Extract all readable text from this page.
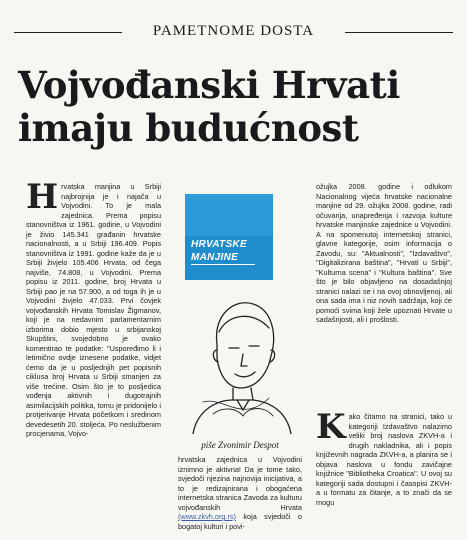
PAMETNOME DOSTA
Vojvođanski Hrvati imaju budućnost

Hrvatska manjina u Srbiji najbrojnija je i najača u Vojvodini. To je mala zajednica. Prema popisu stanovništva iz 1961. godine, u Vojvodini je živio 145.341 građanin hrvatske nacionalnosti, a u Srbiji 196.409. Popis stanovništva iz 1991. godine kaže da je u Srbiji živjelo 105.406 Hrvata, od čega najviše, 74.808, u Vojvodini. Prema popisu iz 2011. godine, broj Hrvata u Srbiji pao je na 57.900, a od toga ih je u Vojvodini živjelo 47.033. Prvi čovjek vojvođanskih Hrvata Tomislav Žigmanov, koji je na nedavnim parlamentarnim izborima dobio mjesto u srbijanskoj Skupštini, svojedobno je ovako komentirao te podatke: "Uspoređimo li i letimično ovdje iznesene podatke, vidjet ćemo da je u posljednjih pet popisnih ciklusa broj Hrvata u Srbiji smanjen za više trećine. Osim što je to posljedica vođenja aktivnih i dugotrajnih asimilacijskih politika, tomu je pridonijelo i protjerivanje Hrvata početkom i sredinom devedesetih 20. stoljeća. Po neslužbenim procjenama, Vojvo-

HRVATSKE
MANJINE
piše Zvonimir Despot

hrvatska zajednica u Vojvodini iznimno je aktivna! Da je tome tako, svjedoči njezina najnovija inicijativa, a to je redizajnirana i obogaćena internetska stranica Zavoda za kulturu vojvođanskih Hrvata (www.zkvh.org.rs) koja svjedoči o bogatoj kulturi i povi-

ožujka 2008. godine i odlukom Nacionalnog vijeća hrvatske nacionalne manjine od 29. ožujka 2008. godine, radi očuvanja, unapređenja i razvoja kulture hrvatske manjinske zajednice u Vojvodini. A na spomenutoj internetskoj stranici, glavne kategorije, osim informacija o Zavodu, su: "Aktualnosti", "Izdavaštvo", "Digitalizirana baština", "Hrvati u Srbiji", "Kulturna scena" i "Kultura baština". Sve što je bilo objavljeno na dosadašnjoj stranici nalazi se i na ovoj obnovljenoj, ali ona sada ima i niz novih sadržaja, koji će pomoći svima koji žele upoznati Hrvate u sadašnjosti, ali i prošlosti.

Kako čitamo na stranici, tako u kategoriji Izdavaštvo nalazimo veliki broj naslova ZKVH-a i drugih nakladnika, ali i popis književnih nagrada ZKVH-a, a planira se i objava naslova u fondu zavičajne knjižnice "Bibliotheka Croatica". U ovoj su kategoriji sada dostupni i časopisi ZKVH-a u formatu za čitanje, a to znači da se mogu
